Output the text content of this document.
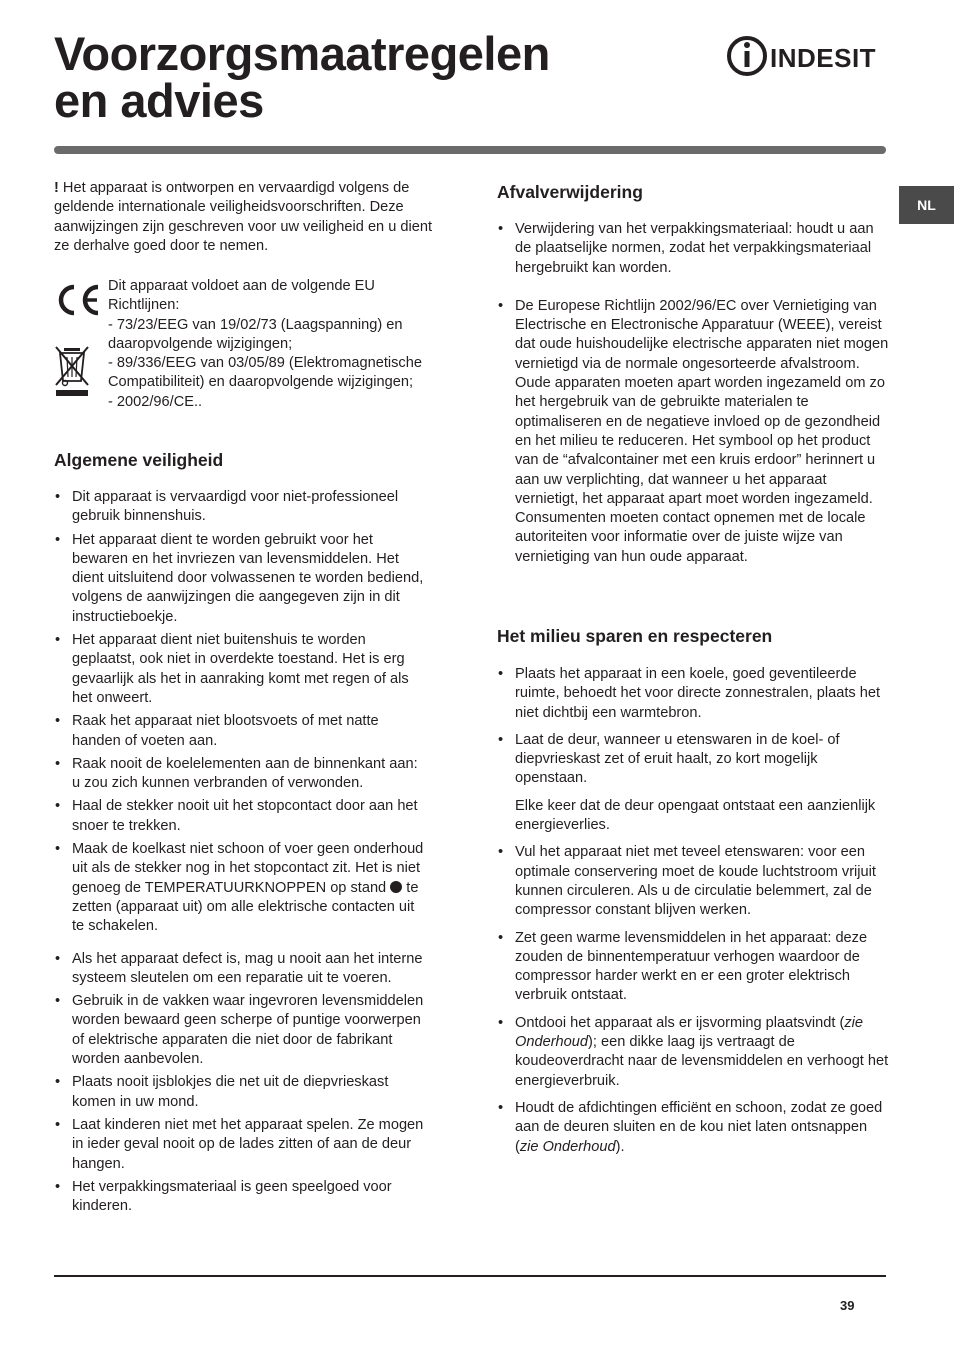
Voorzorgsmaatregelen
en advies
INDESIT
NL

! Het apparaat is ontworpen en vervaardigd volgens de geldende internationale veiligheidsvoorschriften. Deze aanwijzingen zijn geschreven voor uw veiligheid en u dient ze derhalve goed door te nemen.

Dit apparaat voldoet aan de volgende EU Richtlijnen:
- 73/23/EEG van 19/02/73 (Laagspanning) en daaropvolgende wijzigingen;
- 89/336/EEG van 03/05/89 (Elektromagnetische Compatibiliteit) en daaropvolgende wijzigingen;
- 2002/96/CE..

Algemene veiligheid
• Dit apparaat is vervaardigd voor niet-professioneel gebruik binnenshuis.
• Het apparaat dient te worden gebruikt voor het bewaren en het invriezen van levensmiddelen. Het dient uitsluitend door volwassenen te worden bediend, volgens de aanwijzingen die aangegeven zijn in dit instructieboekje.
• Het apparaat dient niet buitenshuis te worden geplaatst, ook niet in overdekte toestand. Het is erg gevaarlijk als het in aanraking komt met regen of als het onweert.
• Raak het apparaat niet blootsvoets of met natte handen of voeten aan.
• Raak nooit de koelelementen aan de binnenkant aan: u zou zich kunnen verbranden of verwonden.
• Haal de stekker nooit uit het stopcontact door aan het snoer te trekken.
• Maak de koelkast niet schoon of voer geen onderhoud uit als de stekker nog in het stopcontact zit. Het is niet genoeg de TEMPERATUURKNOPPEN op stand  te zetten (apparaat uit) om alle elektrische contacten uit te schakelen.
• Als het apparaat defect is, mag u nooit aan het interne systeem sleutelen om een reparatie uit te voeren.
• Gebruik in de vakken waar ingevroren levensmiddelen worden bewaard geen scherpe of puntige voorwerpen of elektrische apparaten die niet door de fabrikant worden aanbevolen.
• Plaats nooit ijsblokjes die net uit de diepvrieskast komen in uw mond.
• Laat kinderen niet met het apparaat spelen. Ze mogen in ieder geval nooit op de lades zitten of aan de deur hangen.
• Het verpakkingsmateriaal is geen speelgoed voor kinderen.
Afvalverwijdering
• Verwijdering van het verpakkingsmateriaal: houdt u aan de plaatselijke normen, zodat het verpakkingsmateriaal hergebruikt kan worden.
• De Europese Richtlijn 2002/96/EC over Vernietiging van Electrische en Electronische Apparatuur (WEEE), vereist dat oude huishoudelijke electrische apparaten niet mogen vernietigd via de normale ongesorteerde afvalstroom. Oude apparaten moeten apart worden ingezameld om zo het hergebruik van de gebruikte materialen te optimaliseren en de negatieve invloed op de gezondheid en het milieu te reduceren. Het symbool op het product van de “afvalcontainer met een kruis erdoor” herinnert u aan uw verplichting, dat wanneer u het apparaat vernietigt, het apparaat apart moet worden ingezameld.
Consumenten moeten contact opnemen met de locale autoriteiten voor informatie over de juiste wijze van vernietiging van hun oude apparaat.
Het milieu sparen en respecteren
• Plaats het apparaat in een koele, goed geventileerde ruimte, behoedt het voor directe zonnestralen, plaats het niet dichtbij een warmtebron.
• Laat de deur, wanneer u etenswaren in de koel- of diepvrieskast zet of eruit haalt, zo kort mogelijk openstaan.
Elke keer dat de deur opengaat ontstaat een aanzienlijk energieverlies.
• Vul het apparaat niet met teveel etenswaren: voor een optimale conservering moet de koude luchtstroom vrijuit kunnen circuleren. Als u de circulatie belemmert, zal de compressor constant blijven werken.
• Zet geen warme levensmiddelen in het apparaat: deze zouden de binnentemperatuur verhogen waardoor de compressor harder werkt en er een groter elektrisch verbruik ontstaat.
• Ontdooi het apparaat als er ijsvorming plaatsvindt (zie Onderhoud); een dikke laag ijs vertraagt de koudeoverdracht naar de levensmiddelen en verhoogt het energieverbruik.
• Houdt de afdichtingen efficiënt en schoon, zodat ze goed aan de deuren sluiten en de kou niet laten ontsnappen (zie Onderhoud).
39
